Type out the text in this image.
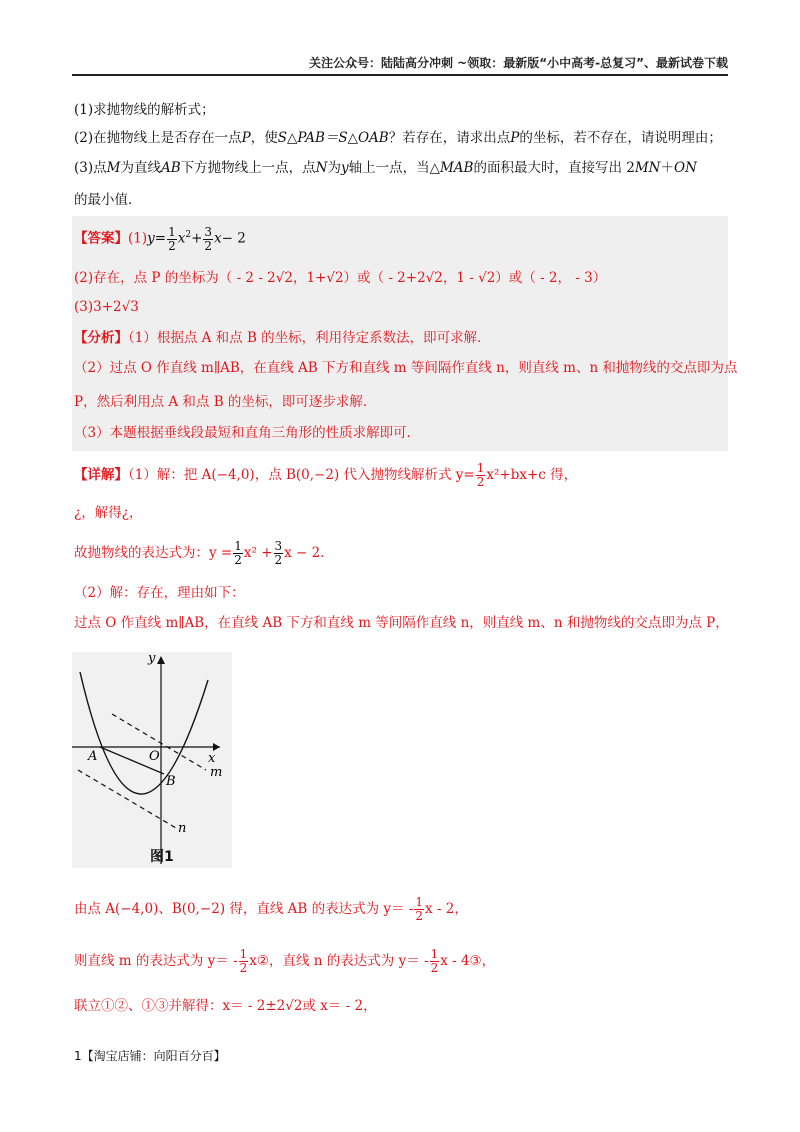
关注公众号：陆陆高分冲刺 ~领取：最新版“小中高考-总复习”、最新试卷下载
(1)求抛物线的解析式；
(2)在抛物线上是否存在一点P，使S△PAB＝S△OAB？若存在，请求出点P的坐标，若不存在，请说明理由；
(3)点M为直线AB下方抛物线上一点，点N为y轴上一点，当△MAB的面积最大时，直接写出 2MN＋ON
的最小值．
【答案】$(1)y= \frac{1}{2} x^2+ \frac{3}{2} x- 2$
(2)存在，点 P 的坐标为（ - 2 - 2√2，1+√2）或（ - 2+2√2，1 - √2）或（ - 2， - 3）
(3)3+2√3
【分析】（1）根据点 A 和点 B 的坐标，利用待定系数法，即可求解．
（2）过点 O 作直线 m∥AB，在直线 AB 下方和直线 m 等间隔作直线 n，则直线 m、n 和抛物线的交点即为点
P，然后利用点 A 和点 B 的坐标，即可逐步求解．
（3）本题根据垂线段最短和直角三角形的性质求解即可．
【详解】（1）解：把 A(−4,0)，点 B(0,−2) 代入抛物线解析式 $y= \frac{1}{2} x^2+bx+c$ 得，
¿，解得¿，
故抛物线的表达式为：$y = \frac{1}{2} x^2 + \frac{3}{2}$ x − 2．
（2）解：存在，理由如下：
过点 O 作直线 m∥AB，在直线 AB 下方和直线 m 等间隔作直线 n，则直线 m、n 和抛物线的交点即为点 P，
y
x
A	O
B
m
n
图1
由点 A(−4,0)、B(0,−2) 得，直线 AB 的表达式为 $y= - \frac{1}{2}$ x - 2，
则直线 m 的表达式为 $y= - \frac{1}{2}$ x②，直线 n 的表达式为 $y= - \frac{1}{2}$ x - 4③，
联立①②、①③并解得：x＝ - 2±2√2或 x＝ - 2，
1【淘宝店铺：向阳百分百】
